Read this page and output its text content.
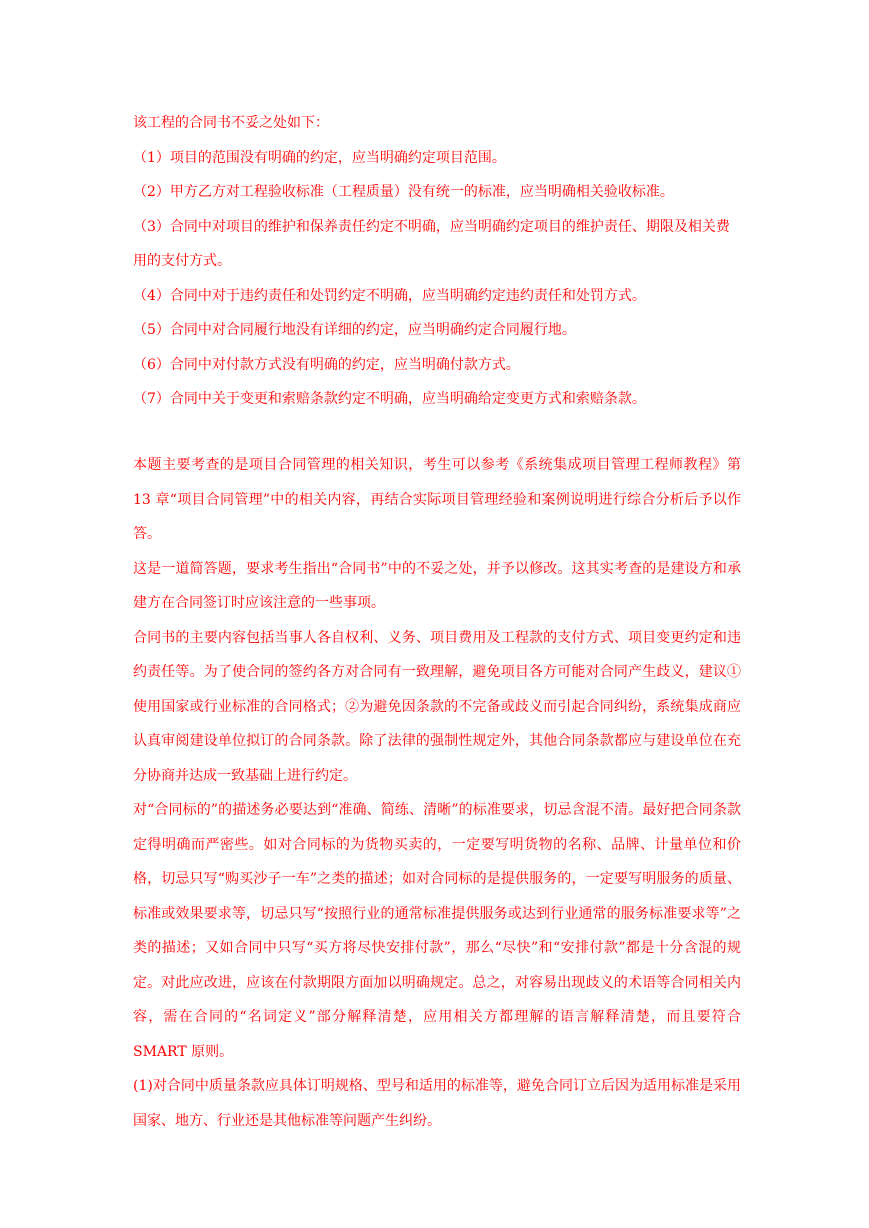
该工程的合同书不妥之处如下：

（1）项目的范围没有明确的约定，应当明确约定项目范围。

（2）甲方乙方对工程验收标准（工程质量）没有统一的标准，应当明确相关验收标准。

（3）合同中对项目的维护和保养责任约定不明确，应当明确约定项目的维护责任、期限及相关费用的支付方式。

（4）合同中对于违约责任和处罚约定不明确，应当明确约定违约责任和处罚方式。

（5）合同中对合同履行地没有详细的约定，应当明确约定合同履行地。

（6）合同中对付款方式没有明确的约定，应当明确付款方式。

（7）合同中关于变更和索赔条款约定不明确，应当明确给定变更方式和索赔条款。

本题主要考查的是项目合同管理的相关知识，考生可以参考《系统集成项目管理工程师教程》第 13 章“项目合同管理”中的相关内容，再结合实际项目管理经验和案例说明进行综合分析后予以作答。

这是一道简答题，要求考生指出“合同书”中的不妥之处，并予以修改。这其实考查的是建设方和承建方在合同签订时应该注意的一些事项。

合同书的主要内容包括当事人各自权利、义务、项目费用及工程款的支付方式、项目变更约定和违约责任等。为了使合同的签约各方对合同有一致理解，避免项目各方可能对合同产生歧义，建议①使用国家或行业标准的合同格式；②为避免因条款的不完备或歧义而引起合同纠纷，系统集成商应认真审阅建设单位拟订的合同条款。除了法律的强制性规定外，其他合同条款都应与建设单位在充分协商并达成一致基础上进行约定。

对“合同标的”的描述务必要达到“准确、简练、清晰”的标准要求，切忌含混不清。最好把合同条款定得明确而严密些。如对合同标的为货物买卖的，一定要写明货物的名称、品牌、计量单位和价格，切忌只写“购买沙子一车”之类的描述；如对合同标的是提供服务的，一定要写明服务的质量、标准或效果要求等，切忌只写“按照行业的通常标准提供服务或达到行业通常的服务标准要求等”之类的描述；又如合同中只写“买方将尽快安排付款”，那么“尽快”和“安排付款”都是十分含混的规定。对此应改进，应该在付款期限方面加以明确规定。总之，对容易出现歧义的术语等合同相关内容，需在合同的“名词定义”部分解释清楚，应用相关方都理解的语言解释清楚，而且要符合 SMART 原则。

(1)对合同中质量条款应具体订明规格、型号和适用的标准等，避免合同订立后因为适用标准是采用国家、地方、行业还是其他标准等问题产生纠纷。
